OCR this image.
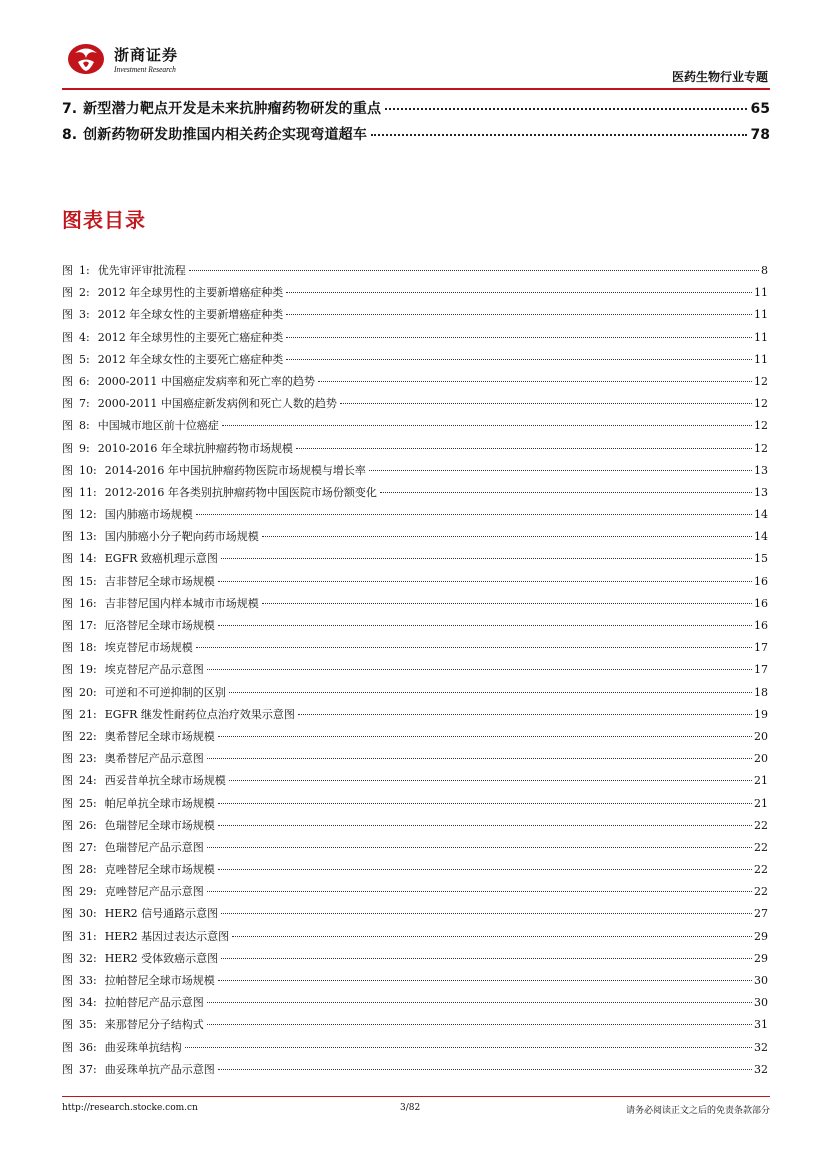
浙商证券
Investment Research
医药生物行业专题
7. 新型潜力靶点开发是未来抗肿瘤药物研发的重点	65
8. 创新药物研发助推国内相关药企实现弯道超车	78
图表目录
图 1: 优先审评审批流程	8
图 2: 2012 年全球男性的主要新增癌症种类	11
图 3: 2012 年全球女性的主要新增癌症种类	11
图 4: 2012 年全球男性的主要死亡癌症种类	11
图 5: 2012 年全球女性的主要死亡癌症种类	11
图 6: 2000-2011 中国癌症发病率和死亡率的趋势	12
图 7: 2000-2011 中国癌症新发病例和死亡人数的趋势	12
图 8: 中国城市地区前十位癌症	12
图 9: 2010-2016 年全球抗肿瘤药物市场规模	12
图 10: 2014-2016 年中国抗肿瘤药物医院市场规模与增长率	13
图 11: 2012-2016 年各类别抗肿瘤药物中国医院市场份额变化	13
图 12: 国内肺癌市场规模	14
图 13: 国内肺癌小分子靶向药市场规模	14
图 14: EGFR 致癌机理示意图	15
图 15: 吉非替尼全球市场规模	16
图 16: 吉非替尼国内样本城市市场规模	16
图 17: 厄洛替尼全球市场规模	16
图 18: 埃克替尼市场规模	17
图 19: 埃克替尼产品示意图	17
图 20: 可逆和不可逆抑制的区别	18
图 21: EGFR 继发性耐药位点治疗效果示意图	19
图 22: 奥希替尼全球市场规模	20
图 23: 奥希替尼产品示意图	20
图 24: 西妥昔单抗全球市场规模	21
图 25: 帕尼单抗全球市场规模	21
图 26: 色瑞替尼全球市场规模	22
图 27: 色瑞替尼产品示意图	22
图 28: 克唑替尼全球市场规模	22
图 29: 克唑替尼产品示意图	22
图 30: HER2 信号通路示意图	27
图 31: HER2 基因过表达示意图	29
图 32: HER2 受体致癌示意图	29
图 33: 拉帕替尼全球市场规模	30
图 34: 拉帕替尼产品示意图	30
图 35: 来那替尼分子结构式	31
图 36: 曲妥珠单抗结构	32
图 37: 曲妥珠单抗产品示意图	32
http://research.stocke.com.cn	3/82	请务必阅读正文之后的免责条款部分
